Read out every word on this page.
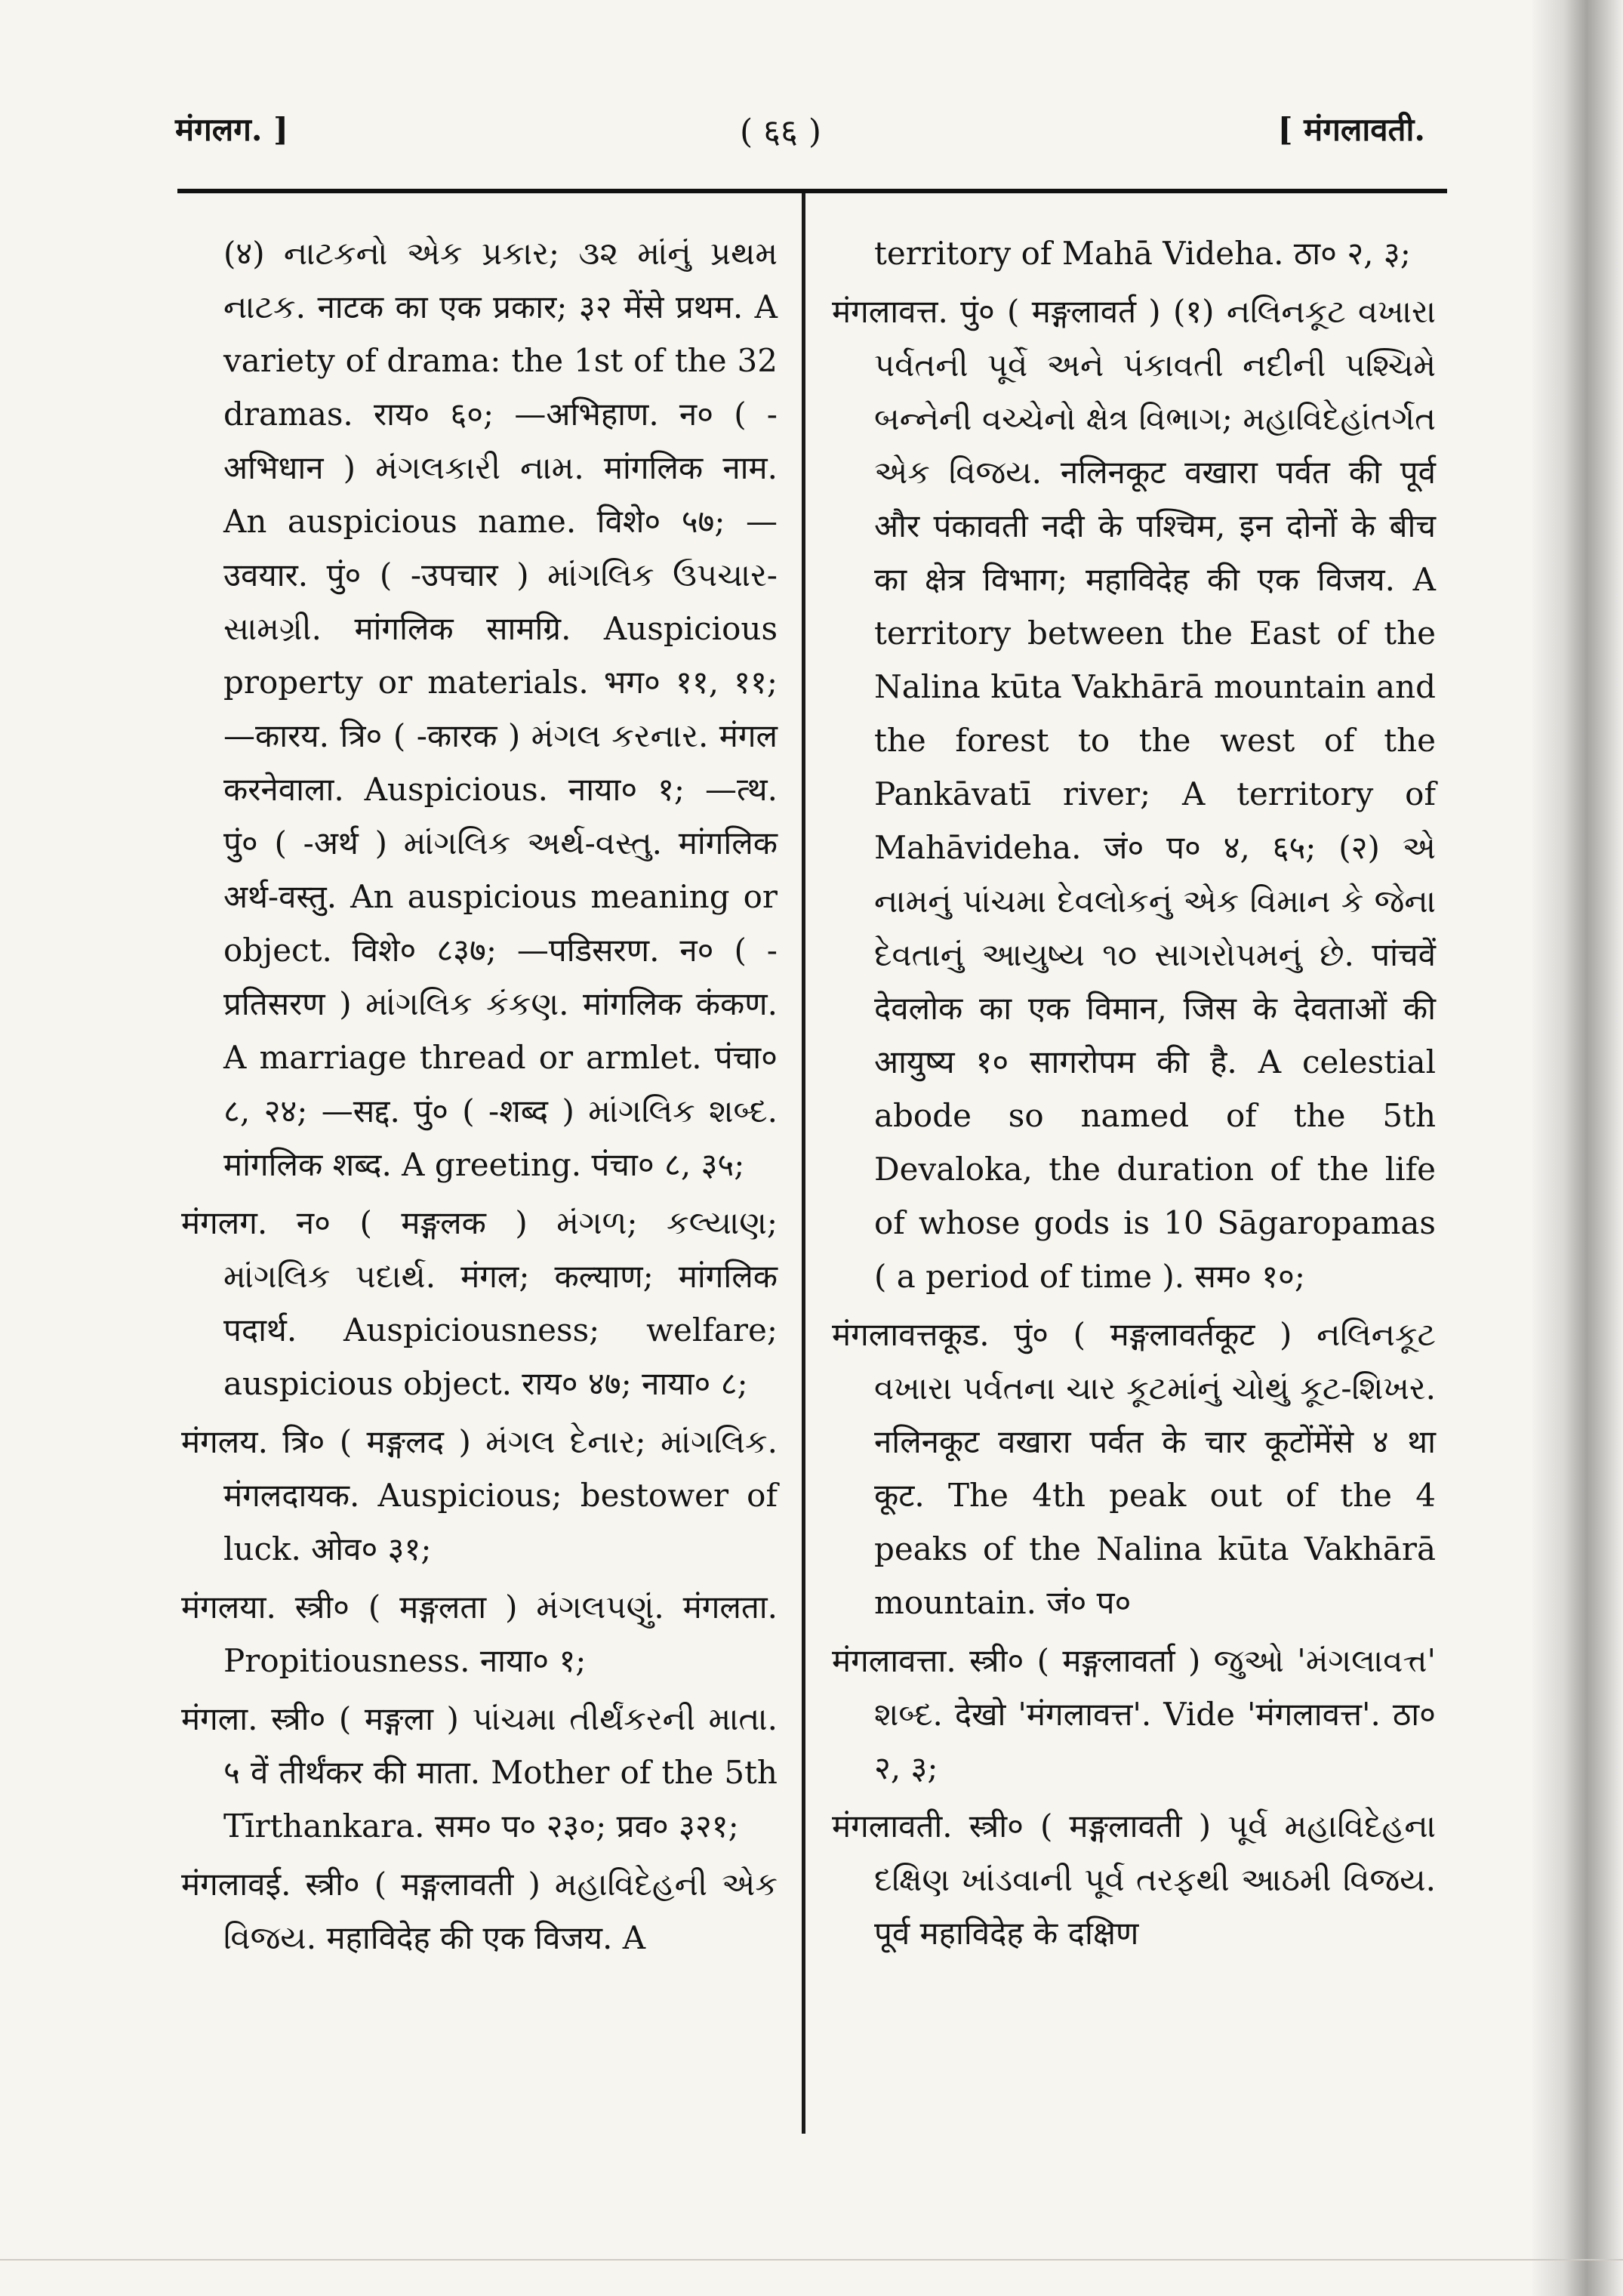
मंगलग. ]	( ६६ )	[ मंगलावती.

(४) નાટકનો એક પ્રકાર; ૩૨ માંનું પ્રથમ નાટક. नाटक का एक प्रकार; ३२ मेंसे प्रथम. A variety of drama: the 1st of the 32 dramas. राय० ६०; —अभिहाण. न० ( -अभिधान ) મંગલકારી નામ. मांगलिक नाम. An auspicious name. विशे० ५७; —उवयार. पुं० ( -उपचार ) માંગલિક ઉપચાર-સામગ્રી. मांगलिक सामग्रि. Auspicious property or materials. भग० ११, ११; —कारय. त्रि० ( -कारक ) મંગલ કરનાર. मंगल करनेवाला. Auspicious. नाया० १; —त्थ. पुं० ( -अर्थ ) માંગલિક અર્થ-વસ્તુ. मांगलिक अर्थ-वस्तु. An auspicious meaning or object. विशे० ८३७; —पडिसरण. न० ( -प्रतिसरण ) માંગલિક કંકણ. मांगलिक कंकण. A marriage thread or armlet. पंचा० ८, २४; —सद्द. पुं० ( -शब्द ) માંગલિક શબ્દ. मांगलिक शब्द. A greeting. पंचा० ८, ३५;

मंगलग. न० ( मङ्गलक ) મંગળ; કલ્યાણ; માંગલિક પદાર્થ. मंगल; कल्याण; मांगलिक पदार्थ. Auspiciousness; welfare; auspicious object. राय० ४७; नाया० ८;

मंगलय. त्रि० ( मङ्गलद ) મંગલ દેનાર; માંગલિક. मंगलदायक. Auspicious; bestower of luck. ओव० ३१;

मंगलया. स्त्री० ( मङ्गलता ) મંગલપણું. मंगलता. Propitiousness. नाया० १;

मंगला. स्त्री० ( मङ्गला ) પાંચમા તીર્થંકરની માતા. ५ वें तीर्थंकर की माता. Mother of the 5th Tīrthankara. सम० प० २३०; प्रव० ३२१;

मंगलावई. स्त्री० ( मङ्गलावती ) મહાવિદેહની એક વિજય. महाविदेह की एक विजय. A

territory of Mahā Videha. ठा० २, ३;

मंगलावत्त. पुं० ( मङ्गलावर्त ) (१) નલિનકૂટ વખારા પર્વતની પૂર્વે અને પંકાવતી નદીની પશ્ચિમે બન્નેની વચ્ચેનો ક્ષેત્ર વિભાગ; મહાવિદેહાંતર્ગત એક વિજય. नलिनकूट वखारा पर्वत की पूर्व और पंकावती नदी के पश्चिम, इन दोनों के बीच का क्षेत्र विभाग; महाविदेह की एक विजय. A territory between the East of the Nalina kūta Vakhārā mountain and the forest to the west of the Pankāvatī river; A territory of Mahāvideha. जं० प० ४, ६५; (२) એ નામનું પાંચમા દેવલોકનું એક વિમાન કે જેના દેવતાનું આયુષ્ય ૧૦ સાગરોપમનું છે. पांचवें देवलोक का एक विमान, जिस के देवताओं की आयुष्य १० सागरोपम की है. A celestial abode so named of the 5th Devaloka, the duration of the life of whose gods is 10 Sāgaropamas ( a period of time ). सम० १०;

मंगलावत्तकूड. पुं० ( मङ्गलावर्तकूट ) નલિનકૂટ વખારા પર્વતના ચાર કૂટમાંનું ચોથું કૂટ-શિખર. नलिनकूट वखारा पर्वत के चार कूटोंमेंसे ४ था कूट. The 4th peak out of the 4 peaks of the Nalina kūta Vakhārā mountain. जं० प०

मंगलावत्ता. स्त्री० ( मङ्गलावर्ता ) જુઓ 'મંગલાવત્ત' શબ્દ. देखो 'मंगलावत्त'. Vide 'मंगलावत्त'. ठा० २, ३;

मंगलावती. स्त्री० ( मङ्गलावती ) પૂર્વ મહાવિદેહના દક્ષિણ ખાંડવાની પૂર્વ તરફથી આઠમી વિજય. पूर्व महाविदेह के दक्षिण
